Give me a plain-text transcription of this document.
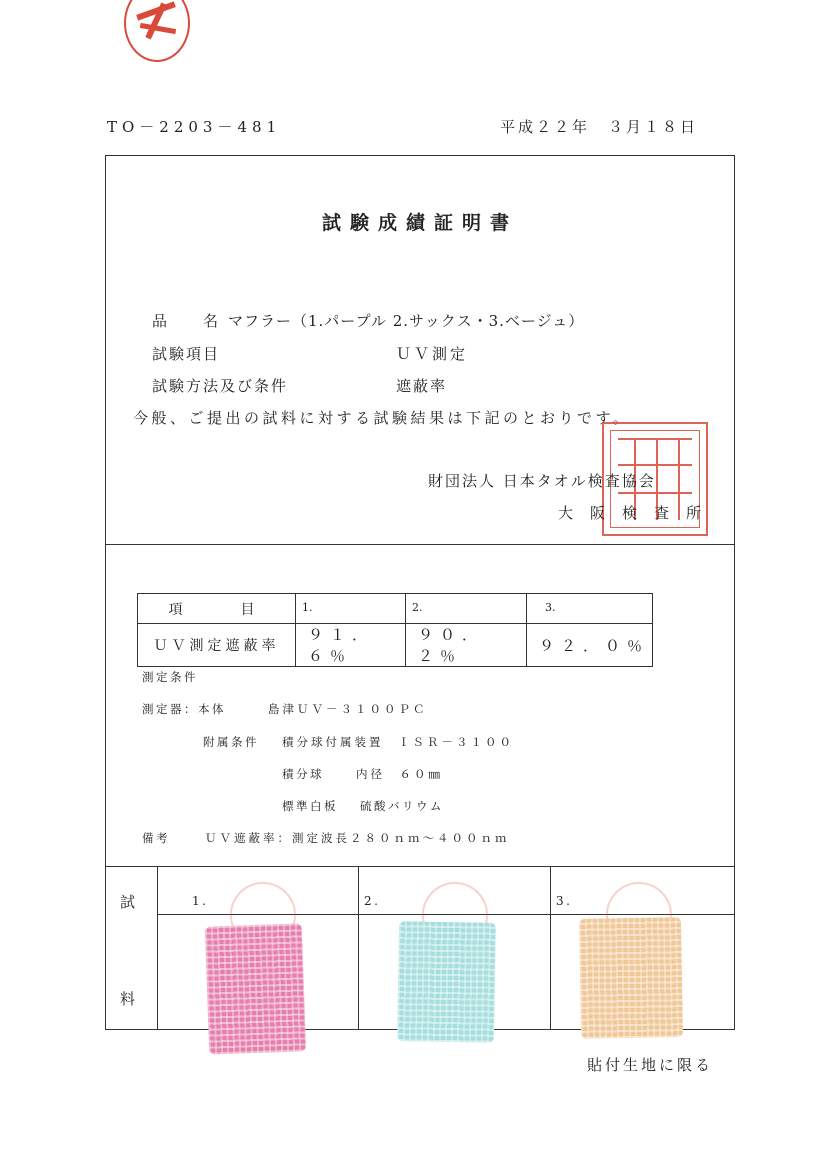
TO－2203－481	平成２２年　３月１８日
試験成績証明書
品　　名 マフラー（1.パープル 2.サックス・3.ベージュ）
試験項目	ＵＶ測定
試験方法及び条件	遮蔽率
今般、ご提出の試料に対する試験結果は下記のとおりです。
財団法人 日本タオル検査協会
大阪検査所
項　　目	1.	2.	3.
ＵＶ測定遮蔽率	９１．６％	９０．２％	９２．０％
測定条件
測定器：本体	島津ＵＶ－３１００ＰＣ
附属条件 積分球付属装置　ＩＳＲ－３１００
積分球	内径　６０㎜
標準白板 硫酸バリウム
備考	ＵＶ遮蔽率：測定波長２８０ｎｍ～４００ｎｍ
試
料
1.	2.	3.
貼付生地に限る
